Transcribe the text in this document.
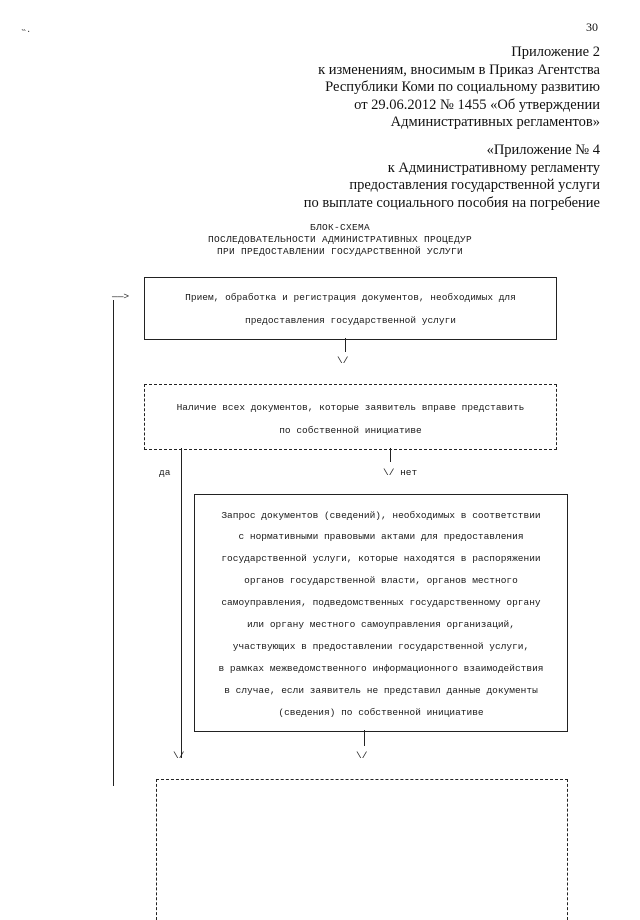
30
˵.
Приложение 2
к изменениям, вносимым в Приказ Агентства
Республики Коми по социальному развитию
от 29.06.2012 № 1455 «Об утверждении
Административных регламентов»
«Приложение № 4
к Административному регламенту
предоставления государственной услуги
по выплате социального пособия на погребение
БЛОК-СХЕМА
ПОСЛЕДОВАТЕЛЬНОСТИ АДМИНИСТРАТИВНЫХ ПРОЦЕДУР
ПРИ ПРЕДОСТАВЛЕНИИ ГОСУДАРСТВЕННОЙ УСЛУГИ
Прием, обработка и регистрация документов, необходимых для
предоставления государственной услуги
——>
\/
Наличие всех документов, которые заявитель вправе представить
по собственной инициативе
да	\/ нет
Запрос документов (сведений), необходимых в соответствии
с нормативными правовыми актами для предоставления
государственной услуги, которые находятся в распоряжении
органов государственной власти, органов местного
самоуправления, подведомственных государственному органу
или органу местного самоуправления организаций,
участвующих в предоставлении государственной услуги,
в рамках межведомственного информационного взаимодействия
в случае, если заявитель не представил данные документы
(сведения) по собственной инициативе
\/	\/
